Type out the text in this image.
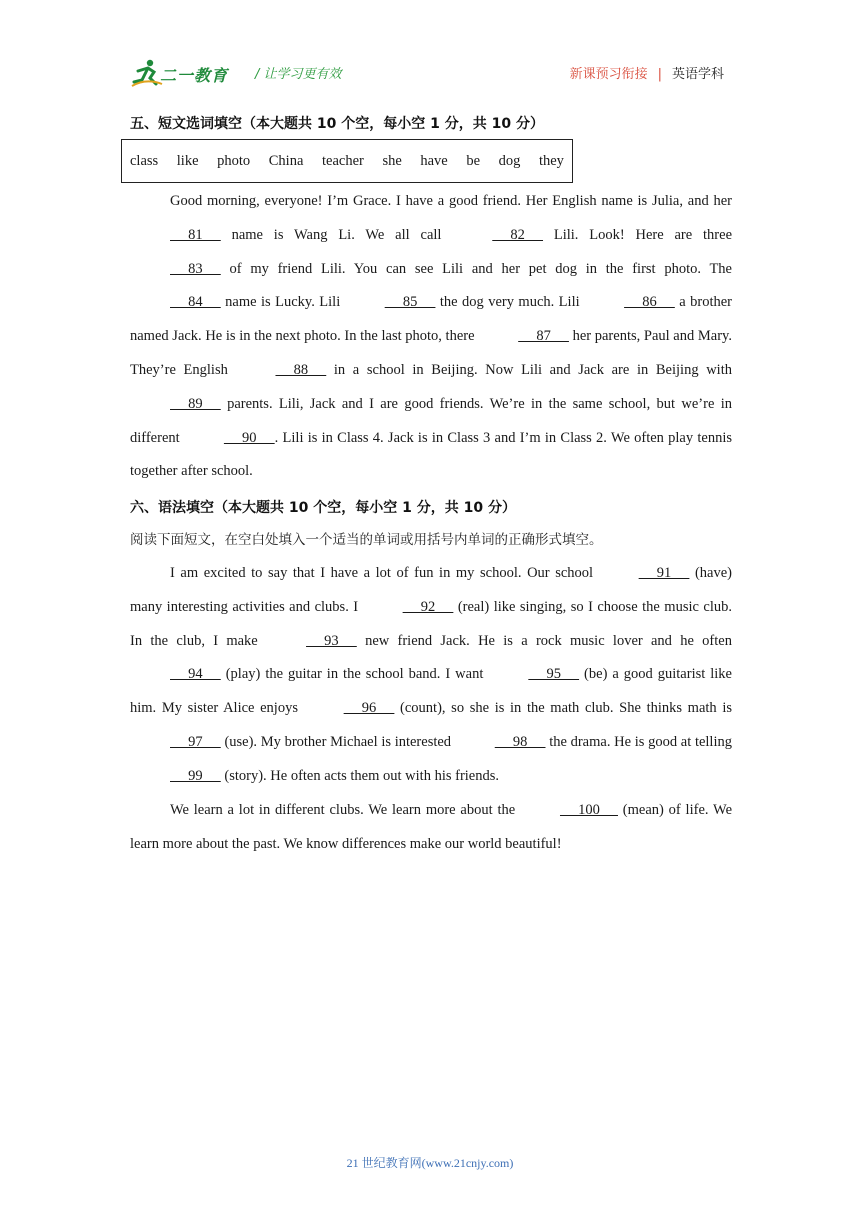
二一教育 / 让学习更有效	新课预习衔接 | 英语学科
五、短文选词填空（本大题共 10 个空，每小空 1 分，共 10 分）
class like photo China teacher she have be dog they

Good morning, everyone! I’m Grace. I have a good friend. Her English name is Julia, and her      81      name is Wang Li. We all call	82      Lili. Look! Here are three      83      of my friend Lili. You can see Lili and her pet dog in the first photo. The      84      name is Lucky. Lili	85      the dog very much. Lili	86      a brother named Jack. He is in the next photo. In the last photo, there	87      her parents, Paul and Mary. They’re English	88      in a school in Beijing. Now Lili and Jack are in Beijing with      89      parents. Lili, Jack and I are good friends. We’re in the same school, but we’re in different	90     . Lili is in Class 4. Jack is in Class 3 and I’m in Class 2. We often play tennis together after school.

六、语法填空（本大题共 10 个空，每小空 1 分，共 10 分）
阅读下面短文，在空白处填入一个适当的单词或用括号内单词的正确形式填空。

I am excited to say that I have a lot of fun in my school. Our school	91      (have) many interesting activities and clubs. I	92      (real) like singing, so I choose the music club. In the club, I make	93      new friend Jack. He is a rock music lover and he often      94      (play) the guitar in the school band. I want	95      (be) a good guitarist like him. My sister Alice enjoys	96      (count), so she is in the math club. She thinks math is      97      (use). My brother Michael is interested	98      the drama. He is good at telling      99      (story). He often acts them out with his friends.

We learn a lot in different clubs. We learn more about the	100      (mean) of life. We learn more about the past. We know differences make our world beautiful!

21 世纪教育网(www.21cnjy.com)
